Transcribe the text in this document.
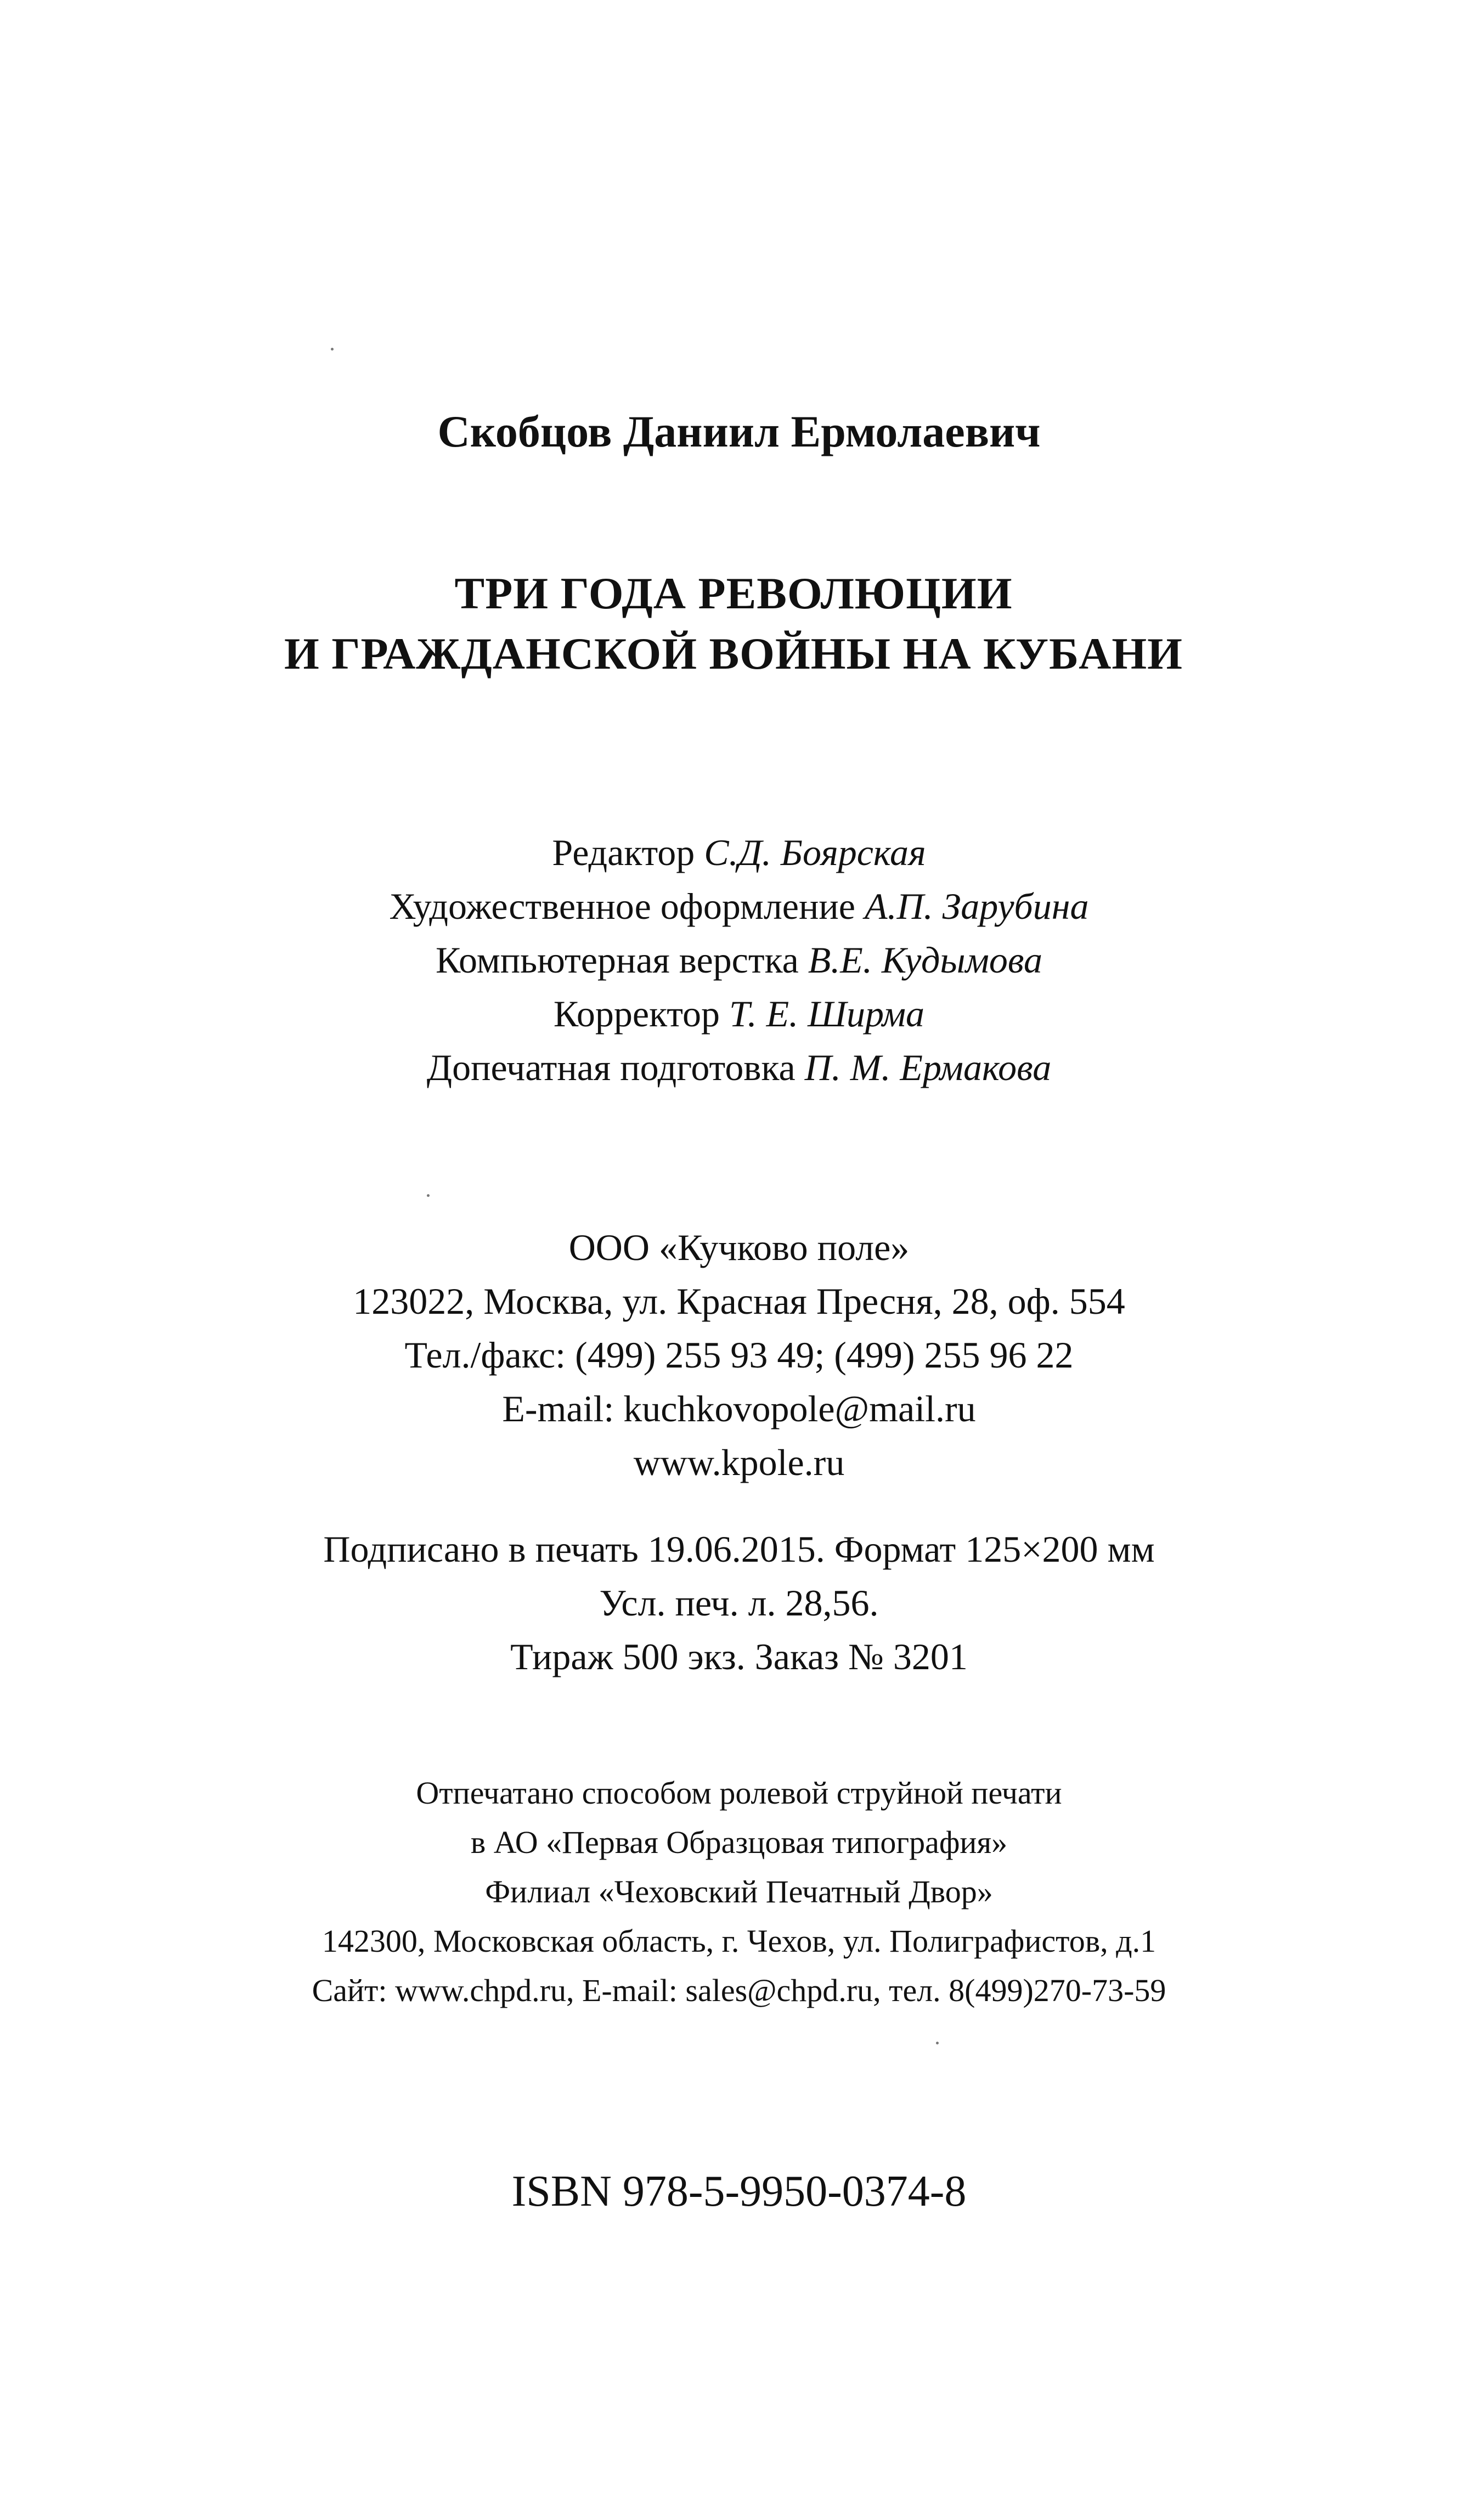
Скобцов Даниил Ермолаевич
ТРИ ГОДА РЕВОЛЮЦИИ
И ГРАЖДАНСКОЙ ВОЙНЫ НА КУБАНИ
Редактор С.Д. Боярская
Художественное оформление А.П. Зарубина
Компьютерная верстка В.Е. Кудымова
Корректор Т. Е. Ширма
Допечатная подготовка П. М. Ермакова
ООО «Кучково поле»
123022, Москва, ул. Красная Пресня, 28, оф. 554
Тел./факс: (499) 255 93 49; (499) 255 96 22
E-mail: kuchkovopole@mail.ru
www.kpole.ru
Подписано в печать 19.06.2015. Формат 125×200 мм
Усл. печ. л. 28,56.
Тираж 500 экз. Заказ № 3201
Отпечатано способом ролевой струйной печати
в АО «Первая Образцовая типография»
Филиал «Чеховский Печатный Двор»
142300, Московская область, г. Чехов, ул. Полиграфистов, д.1
Сайт: www.chpd.ru, E-mail: sales@chpd.ru, тел. 8(499)270-73-59
ISBN 978-5-9950-0374-8
